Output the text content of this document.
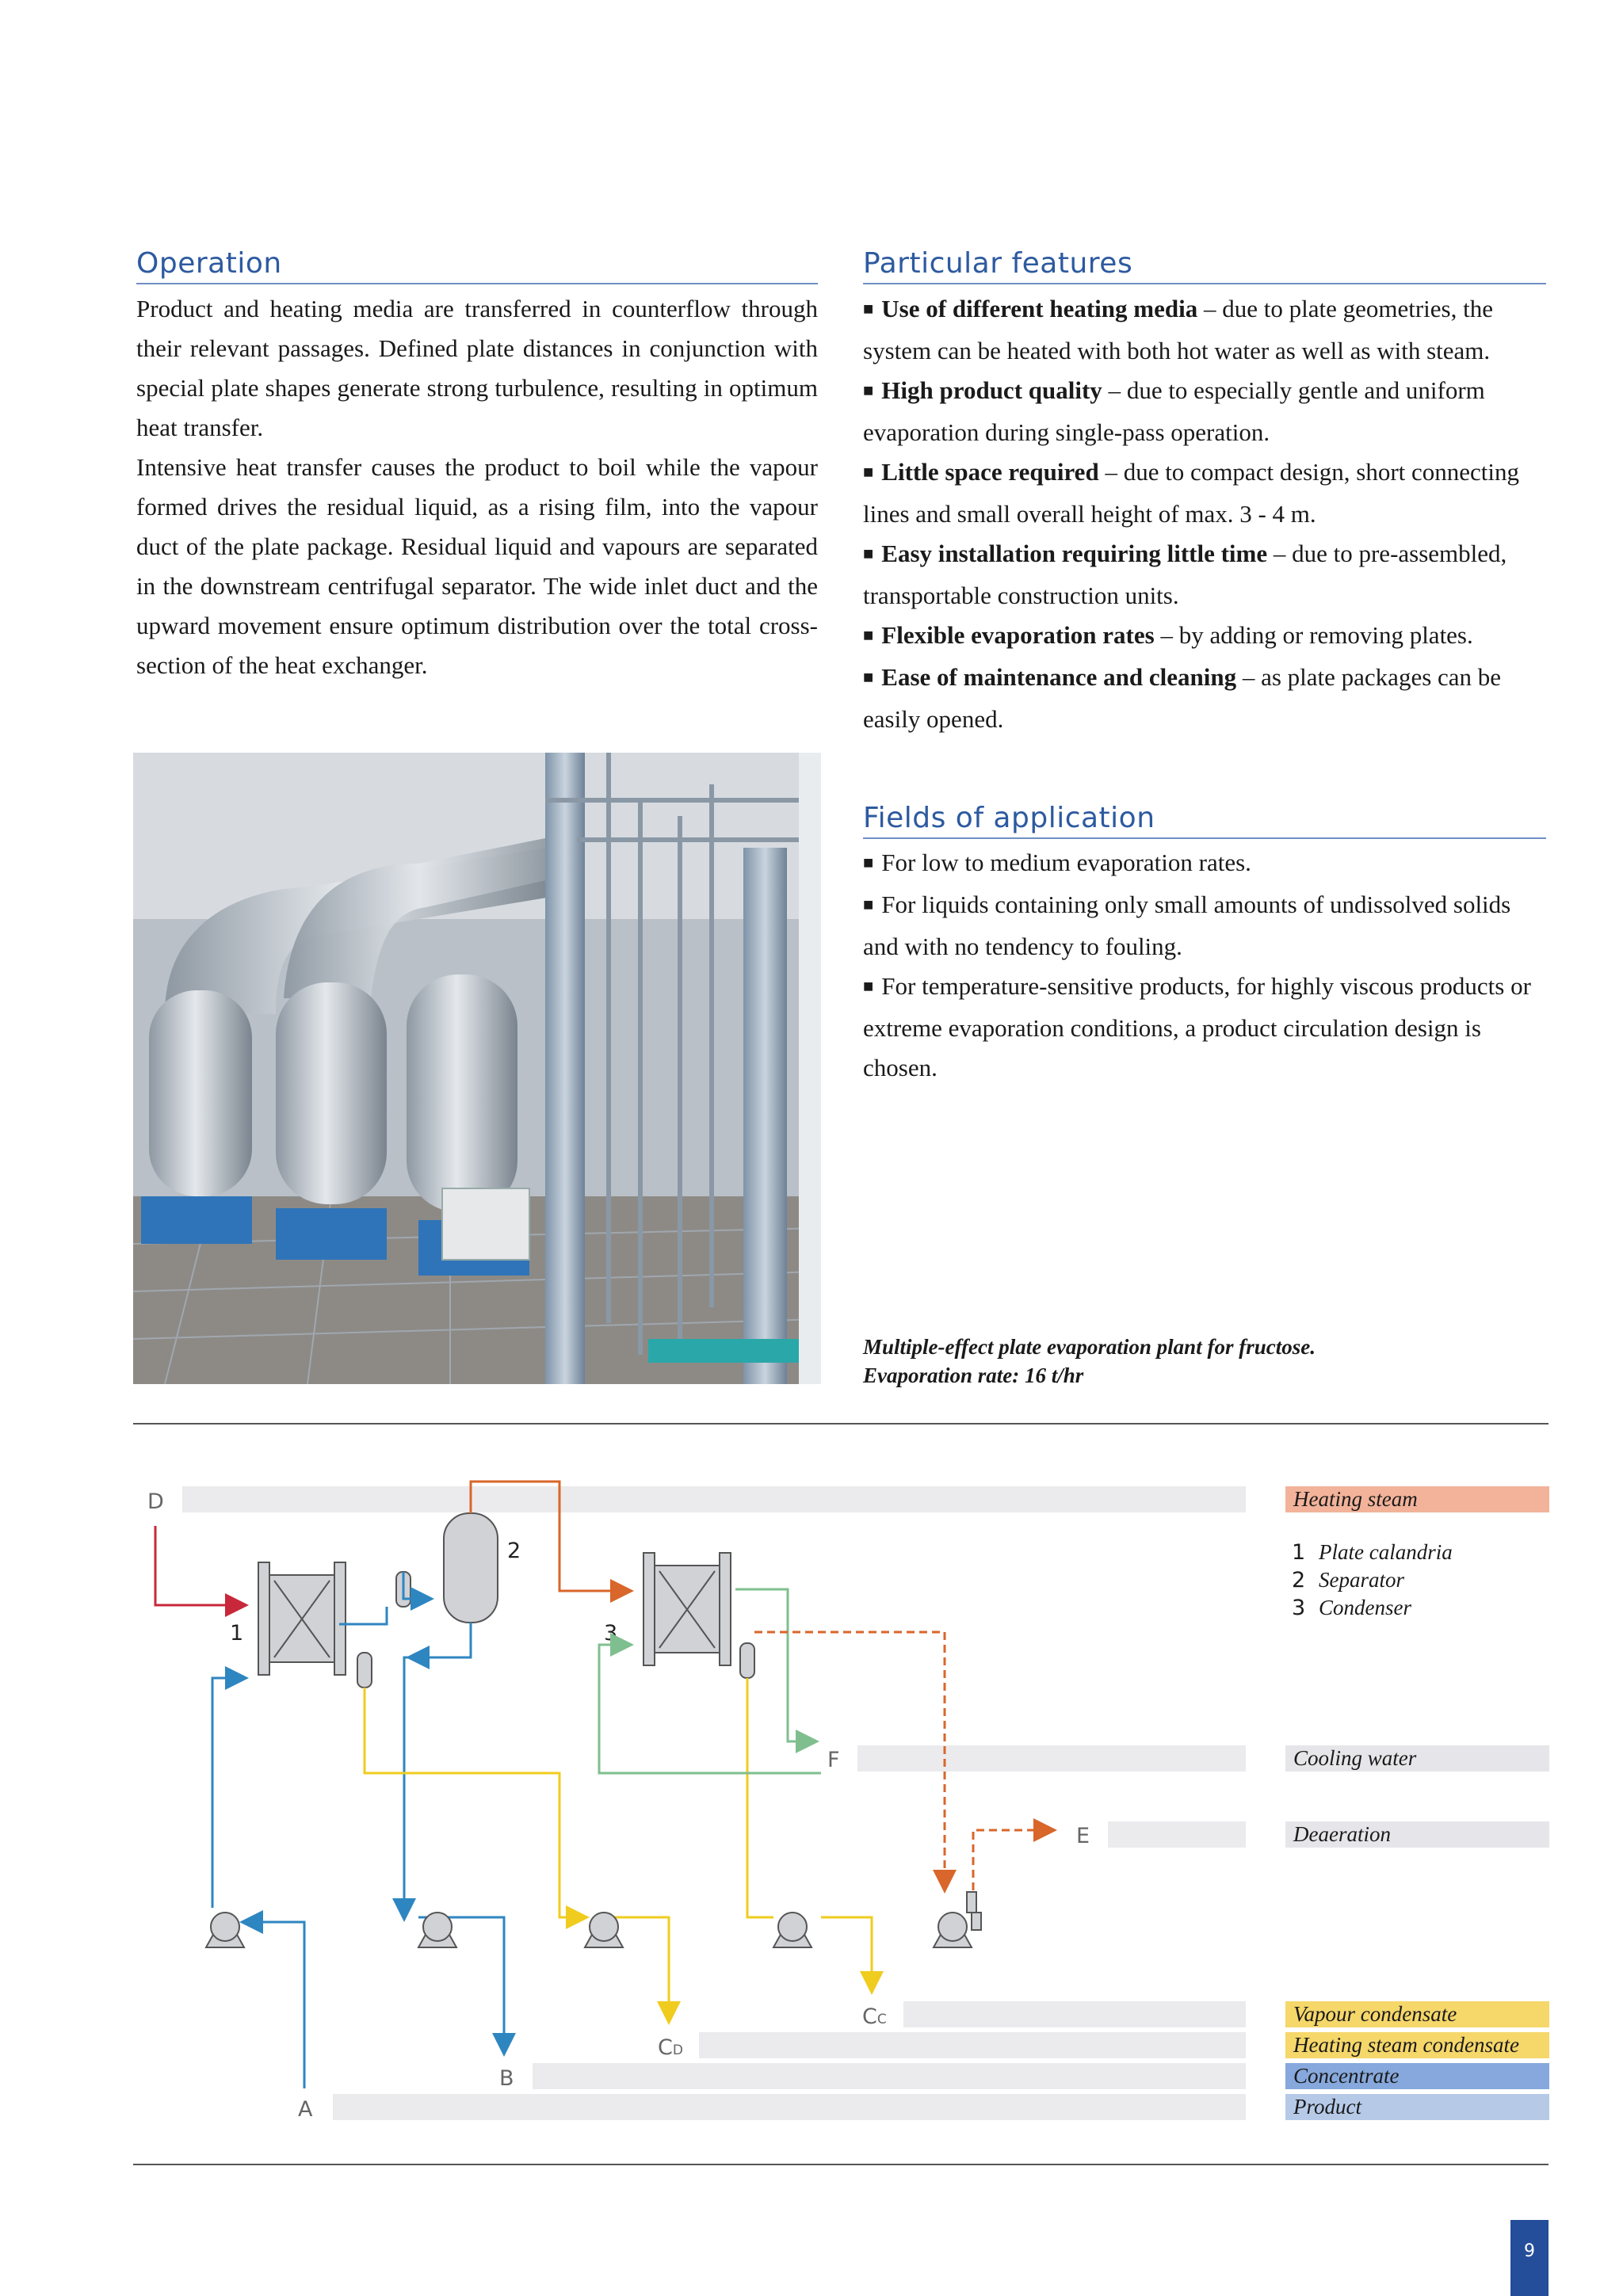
Operation

Product and heating media are transferred in counterflow through their relevant passages. Defined plate distances in conjunction with special plate shapes generate strong turbulence, resulting in optimum heat transfer.

Intensive heat transfer causes the product to boil while the vapour formed drives the residual liquid, as a rising film, into the vapour duct of the plate package. Residual liquid and vapours are separated in the downstream centrifugal separator. The wide inlet duct and the upward movement ensure optimum distribution over the total cross-section of the heat exchanger.

Particular features

■ Use of different heating media – due to plate geometries, the system can be heated with both hot water as well as with steam.

■ High product quality – due to especially gentle and uniform evaporation during single-pass operation.

■ Little space required – due to compact design, short connecting lines and small overall height of max. 3 - 4 m.

■ Easy installation requiring little time – due to pre-assembled, transportable construction units.

■ Flexible evaporation rates – by adding or removing plates.

■ Ease of maintenance and cleaning – as plate packages can be easily opened.

Fields of application

■ For low to medium evaporation rates.

■ For liquids containing only small amounts of undissolved solids and with no tendency to fouling.

■ For temperature-sensitive products, for highly viscous products or extreme evaporation conditions, a product circulation design is chosen.

Multiple-effect plate evaporation plant for fructose.
Evaporation rate: 16 t/hr
D
F
E
CC
CD
B
A
1
2
3
Heating steam
1 Plate calandria
2 Separator
3 Condenser
Cooling water
Deaeration
Vapour condensate
Heating steam condensate
Concentrate
Product
9
